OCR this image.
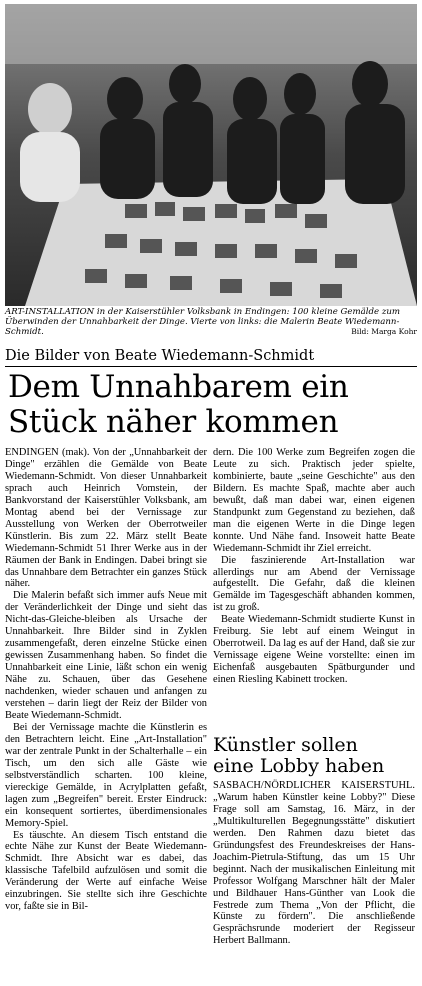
ART-INSTALLATION in der Kaiserstühler Volksbank in Endingen: 100 kleine Gemälde zum Überwinden der Unnahbarkeit der Dinge. Vierte von links: die Malerin Beate Wiedemann-Schmidt.	Bild: Marga Kohr
Die Bilder von Beate Wiedemann-Schmidt
Dem Unnahbarem ein
Stück näher kommen

ENDINGEN (mak). Von der „Unnahbarkeit der Dinge" erzählen die Gemälde von Beate Wiedemann-Schmidt. Von dieser Unnahbarkeit sprach auch Heinrich Vomstein, der Bankvorstand der Kaiserstühler Volksbank, am Montag abend bei der Vernissage zur Ausstellung von Werken der Oberrotweiler Künstlerin. Bis zum 22. März stellt Beate Wiedemann-Schmidt 51 Ihrer Werke aus in der Räumen der Bank in Endingen. Dabei bringt sie das Unnahbare dem Betrachter ein ganzes Stück näher.

Die Malerin befaßt sich immer aufs Neue mit der Veränderlichkeit der Dinge und sieht das Nicht-das-Gleiche-bleiben als Ursache der Unnahbarkeit. Ihre Bilder sind in Zyklen zusammengefaßt, deren einzelne Stücke einen gewissen Zusammenhang haben. So findet die Unnahbarkeit eine Linie, läßt schon ein wenig Nähe zu. Schauen, über das Gesehene nachdenken, wieder schauen und anfangen zu verstehen – darin liegt der Reiz der Bilder von Beate Wiedemann-Schmidt.

Bei der Vernissage machte die Künstlerin es den Betrachtern leicht. Eine „Art-Installation" war der zentrale Punkt in der Schalterhalle – ein Tisch, um den sich alle Gäste wie selbstverständlich scharten. 100 kleine, viereckige Gemälde, in Acrylplatten gefaßt, lagen zum „Begreifen" bereit. Erster Eindruck: ein konsequent sortiertes, überdimensionales Memory-Spiel.

Es täuschte. An diesem Tisch entstand die echte Nähe zur Kunst der Beate Wiedemann-Schmidt. Ihre Absicht war es dabei, das klassische Tafelbild aufzulösen und somit die Veränderung der Werte auf einfache Weise einzubringen. Sie stellte sich ihre Geschichte vor, faßte sie in Bil-

dern. Die 100 Werke zum Begreifen zogen die Leute zu sich. Praktisch jeder spielte, kombinierte, baute „seine Geschichte" aus den Bildern. Es machte Spaß, machte aber auch bewußt, daß man dabei war, einen eigenen Standpunkt zum Gegenstand zu beziehen, daß man die eigenen Werte in die Dinge legen konnte. Und Nähe fand. Insoweit hatte Beate Wiedemann-Schmidt ihr Ziel erreicht.

Die faszinierende Art-Installation war allerdings nur am Abend der Vernissage aufgestellt. Die Gefahr, daß die kleinen Gemälde im Tagesgeschäft abhanden kommen, ist zu groß.

Beate Wiedemann-Schmidt studierte Kunst in Freiburg. Sie lebt auf einem Weingut in Oberrotweil. Da lag es auf der Hand, daß sie zur Vernissage eigene Weine vorstellte: einen im Eichenfaß ausgebauten Spätburgunder und einen Riesling Kabinett trocken.

Künstler sollen
eine Lobby haben

SASBACH/NÖRDLICHER KAISERSTUHL. „Warum haben Künstler keine Lobby?" Diese Frage soll am Samstag, 16. März, in der „Multikulturellen Begegnungsstätte" diskutiert werden. Den Rahmen dazu bietet das Gründungsfest des Freundeskreises der Hans-Joachim-Pietrula-Stiftung, das um 15 Uhr beginnt. Nach der musikalischen Einleitung mit Professor Wolfgang Marschner hält der Maler und Bildhauer Hans-Günther van Look die Festrede zum Thema „Von der Pflicht, die Künste zu fördern". Die anschließende Gesprächsrunde moderiert der Regisseur Herbert Ballmann.
